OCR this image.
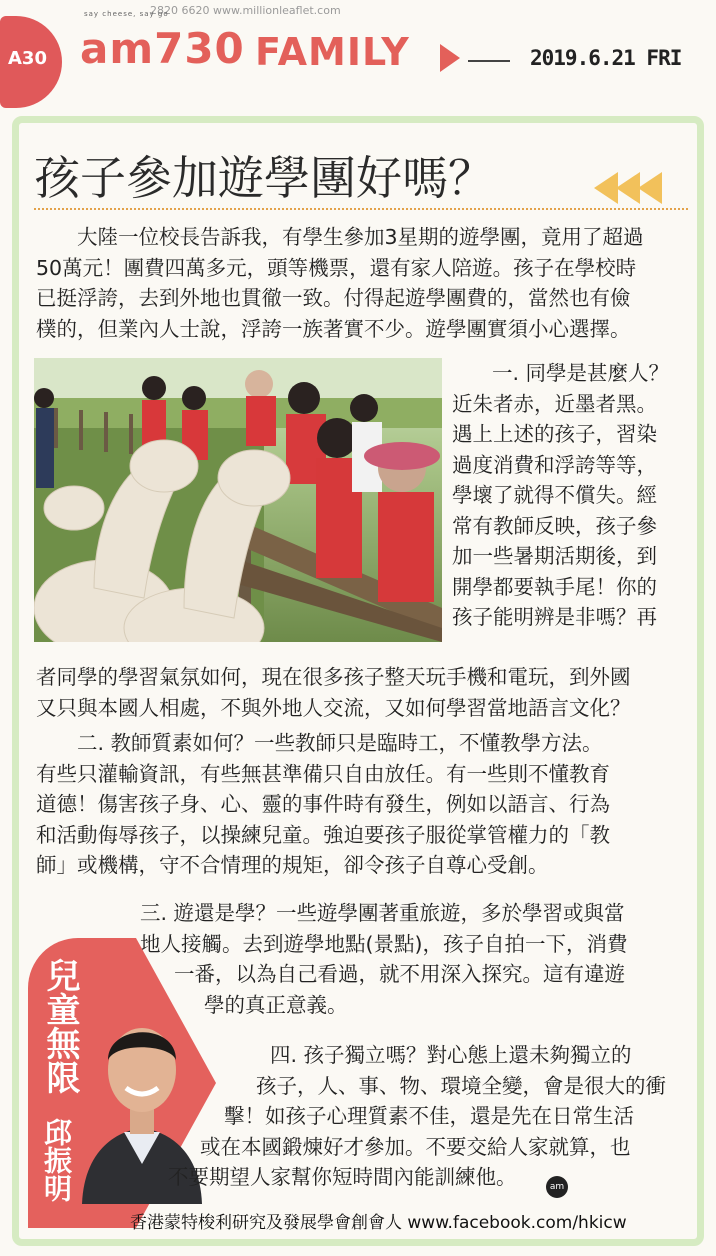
2820 6620 www.millionleaflet.com
A30
say cheese, say go
am730 FAMILY	2019.6.21 FRI
孩子參加遊學團好嗎？

　　大陸一位校長告訴我，有學生參加3星期的遊學團，竟用了超過

50萬元！團費四萬多元，頭等機票，還有家人陪遊。孩子在學校時

已挺浮誇，去到外地也貫徹一致。付得起遊學團費的，當然也有儉

樸的，但業內人士說，浮誇一族著實不少。遊學團實須小心選擇。

一. 同學是甚麼人？

近朱者赤，近墨者黑。

遇上上述的孩子，習染

過度消費和浮誇等等，

學壞了就得不償失。經

常有教師反映，孩子參

加一些暑期活期後，到

開學都要執手尾！你的

孩子能明辨是非嗎？再

者同學的學習氣氛如何，現在很多孩子整天玩手機和電玩，到外國

又只與本國人相處，不與外地人交流，又如何學習當地語言文化？

　　二. 教師質素如何？一些教師只是臨時工，不懂教學方法。

有些只灌輸資訊，有些無甚準備只自由放任。有一些則不懂教育

道德！傷害孩子身、心、靈的事件時有發生，例如以語言、行為

和活動侮辱孩子，以操練兒童。強迫要孩子服從掌管權力的「教

師」或機構，守不合情理的規矩，卻令孩子自尊心受創。

三. 遊還是學？一些遊學團著重旅遊，多於學習或與當

地人接觸。去到遊學地點(景點)，孩子自拍一下，消費

一番，以為自己看過，就不用深入探究。這有違遊

學的真正意義。

兒童無限
邱振明

四. 孩子獨立嗎？對心態上還未夠獨立的

孩子，人、事、物、環境全變，會是很大的衝

擊！如孩子心理質素不佳，還是先在日常生活

或在本國鍛煉好才參加。不要交給人家就算，也

不要期望人家幫你短時間內能訓練他。	am
香港蒙特梭利研究及發展學會創會人 www.facebook.com/hkicw
